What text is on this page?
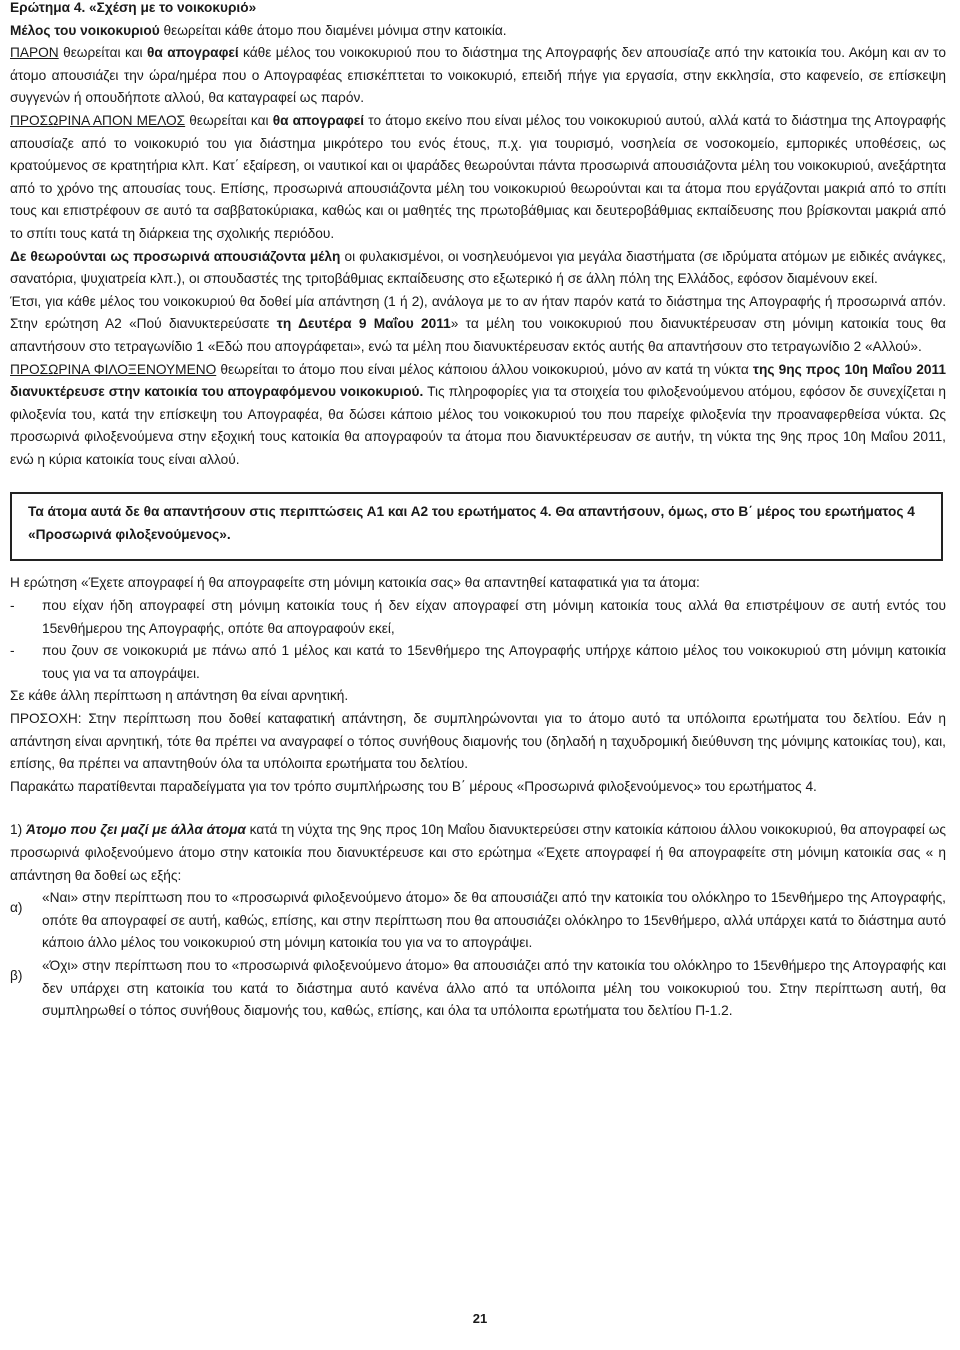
Ερώτημα 4. «Σχέση με το νοικοκυριό»

Μέλος του νοικοκυριού θεωρείται κάθε άτομο που διαμένει μόνιμα στην κατοικία.

ΠΑΡΟΝ θεωρείται και θα απογραφεί κάθε μέλος του νοικοκυριού που το διάστημα της Απογραφής δεν απουσίαζε από την κατοικία του. Ακόμη και αν το άτομο απουσιάζει την ώρα/ημέρα που ο Απογραφέας επισκέπτεται το νοικοκυριό, επειδή πήγε για εργασία, στην εκκλησία, στο καφενείο, σε επίσκεψη συγγενών ή οπουδήποτε αλλού, θα καταγραφεί ως παρόν.

ΠΡΟΣΩΡΙΝΑ ΑΠΟΝ ΜΕΛΟΣ θεωρείται και θα απογραφεί το άτομο εκείνο που είναι μέλος του νοικοκυριού αυτού, αλλά κατά το διάστημα της Απογραφής απουσίαζε από το νοικοκυριό του για διάστημα μικρότερο του ενός έτους, π.χ. για τουρισμό, νοσηλεία σε νοσοκομείο, εμπορικές υποθέσεις, ως κρατούμενος σε κρατητήρια κλπ. Κατ΄ εξαίρεση, οι ναυτικοί και οι ψαράδες θεωρούνται πάντα προσωρινά απουσιάζοντα μέλη του νοικοκυριού, ανεξάρτητα από το χρόνο της απουσίας τους. Επίσης, προσωρινά απουσιάζοντα μέλη του νοικοκυριού θεωρούνται και τα άτομα που εργάζονται μακριά από το σπίτι τους και επιστρέφουν σε αυτό τα σαββατοκύριακα, καθώς και οι μαθητές της πρωτοβάθμιας και δευτεροβάθμιας εκπαίδευσης που βρίσκονται μακριά από το σπίτι τους κατά τη διάρκεια της σχολικής περιόδου.

Δε θεωρούνται ως προσωρινά απουσιάζοντα μέλη οι φυλακισμένοι, οι νοσηλευόμενοι για μεγάλα διαστήματα (σε ιδρύματα ατόμων με ειδικές ανάγκες, σανατόρια, ψυχιατρεία κλπ.), οι σπουδαστές της τριτοβάθμιας εκπαίδευσης στο εξωτερικό ή σε άλλη πόλη της Ελλάδος, εφόσον διαμένουν εκεί.

Έτσι, για κάθε μέλος του νοικοκυριού θα δοθεί μία απάντηση (1 ή 2), ανάλογα με το αν ήταν παρόν κατά το διάστημα της Απογραφής ή προσωρινά απόν. Στην ερώτηση Α2 «Πού διανυκτερεύσατε τη Δευτέρα 9 Μαΐου 2011» τα μέλη του νοικοκυριού που διανυκτέρευσαν στη μόνιμη κατοικία τους θα απαντήσουν στο τετραγωνίδιο 1 «Εδώ που απογράφεται», ενώ τα μέλη που διανυκτέρευσαν εκτός αυτής θα απαντήσουν στο τετραγωνίδιο 2 «Αλλού».

ΠΡΟΣΩΡΙΝΑ ΦΙΛΟΞΕΝΟΥΜΕΝΟ θεωρείται το άτομο που είναι μέλος κάποιου άλλου νοικοκυριού, μόνο αν κατά τη νύκτα της 9ης προς 10η Μαΐου 2011 διανυκτέρευσε στην κατοικία του απογραφόμενου νοικοκυριού. Τις πληροφορίες για τα στοιχεία του φιλοξενούμενου ατόμου, εφόσον δε συνεχίζεται η φιλοξενία του, κατά την επίσκεψη του Απογραφέα, θα δώσει κάποιο μέλος του νοικοκυριού του που παρείχε φιλοξενία την προαναφερθείσα νύκτα. Ως προσωρινά φιλοξενούμενα στην εξοχική τους κατοικία θα απογραφούν τα άτομα που διανυκτέρευσαν σε αυτήν, τη νύκτα της 9ης προς 10η Μαΐου 2011, ενώ η κύρια κατοικία τους είναι αλλού.

Τα άτομα αυτά δε θα απαντήσουν στις περιπτώσεις Α1 και Α2 του ερωτήματος 4. Θα απαντήσουν, όμως, στο Β΄ μέρος του ερωτήματος 4 «Προσωρινά φιλοξενούμενος».

Η ερώτηση «Έχετε απογραφεί ή θα απογραφείτε στη μόνιμη κατοικία σας» θα απαντηθεί καταφατικά για τα άτομα:

- που είχαν ήδη απογραφεί στη μόνιμη κατοικία τους ή δεν είχαν απογραφεί στη μόνιμη κατοικία τους αλλά θα επιστρέψουν σε αυτή εντός του 15ενθήμερου της Απογραφής, οπότε θα απογραφούν εκεί,
- που ζουν σε νοικοκυριά με πάνω από 1 μέλος και κατά το 15ενθήμερο της Απογραφής υπήρχε κάποιο μέλος του νοικοκυριού στη μόνιμη κατοικία τους για να τα απογράψει.

Σε κάθε άλλη περίπτωση η απάντηση θα είναι αρνητική.

ΠΡΟΣΟΧΗ: Στην περίπτωση που δοθεί καταφατική απάντηση, δε συμπληρώνονται για το άτομο αυτό τα υπόλοιπα ερωτήματα του δελτίου. Εάν η απάντηση είναι αρνητική, τότε θα πρέπει να αναγραφεί ο τόπος συνήθους διαμονής του (δηλαδή η ταχυδρομική διεύθυνση της μόνιμης κατοικίας του), και, επίσης, θα πρέπει να απαντηθούν όλα τα υπόλοιπα ερωτήματα του δελτίου.

Παρακάτω παρατίθενται παραδείγματα για τον τρόπο συμπλήρωσης του Β΄ μέρους «Προσωρινά φιλοξενούμενος» του ερωτήματος 4.

1) Άτομο που ζει μαζί με άλλα άτομα κατά τη νύχτα της 9ης προς 10η Μαΐου διανυκτερεύσει στην κατοικία κάποιου άλλου νοικοκυριού, θα απογραφεί ως προσωρινά φιλοξενούμενο άτομο στην κατοικία που διανυκτέρευσε και στο ερώτημα «Έχετε απογραφεί ή θα απογραφείτε στη μόνιμη κατοικία σας « η απάντηση θα δοθεί ως εξής:

α)
«Ναι» στην περίπτωση που το «προσωρινά φιλοξενούμενο άτομο» δε θα απουσιάζει από την κατοικία του ολόκληρο το 15ενθήμερο της Απογραφής, οπότε θα απογραφεί σε αυτή, καθώς, επίσης, και στην περίπτωση που θα απουσιάζει ολόκληρο το 15ενθήμερο, αλλά υπάρχει κατά το διάστημα αυτό κάποιο άλλο μέλος του νοικοκυριού στη μόνιμη κατοικία του για να το απογράψει.
β)
«Όχι» στην περίπτωση που το «προσωρινά φιλοξενούμενο άτομο» θα απουσιάζει από την κατοικία του ολόκληρο το 15ενθήμερο της Απογραφής και δεν υπάρχει στη κατοικία του κατά το διάστημα αυτό κανένα άλλο από τα υπόλοιπα μέλη του νοικοκυριού του. Στην περίπτωση αυτή, θα συμπληρωθεί ο τόπος συνήθους διαμονής του, καθώς, επίσης, και όλα τα υπόλοιπα ερωτήματα του δελτίου Π-1.2.
21
